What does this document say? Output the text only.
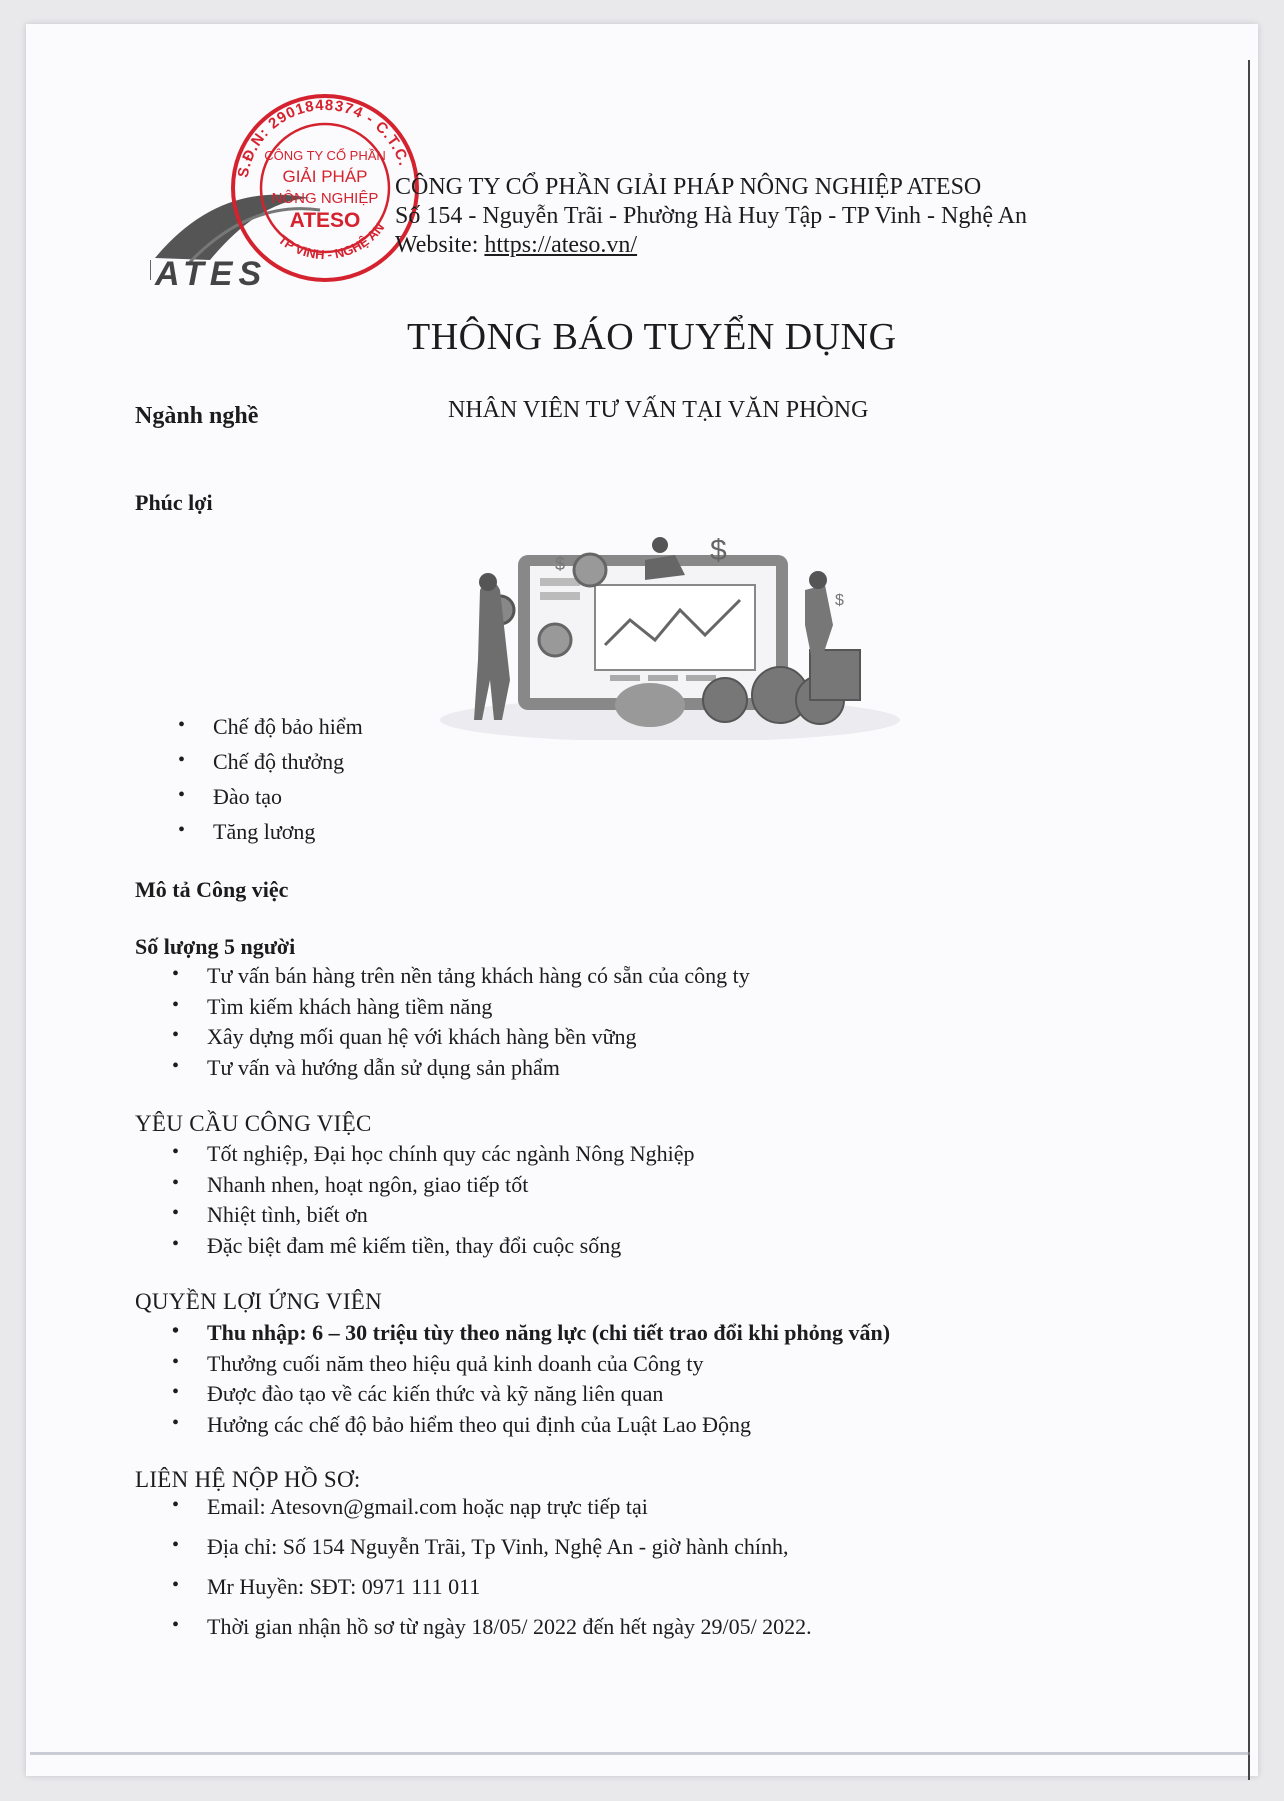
ATES
S.Đ.N: 2901848374 - C.T.C.
TP VINH - NGHỆ AN
CÔNG TY CỔ PHẦN
GIẢI PHÁP
NÔNG NGHIỆP
ATESO
CÔNG TY CỔ PHẦN GIẢI PHÁP NÔNG NGHIỆP ATESO
Số 154 - Nguyễn Trãi - Phường Hà Huy Tập - TP Vinh - Nghệ An
Website: https://ateso.vn/
THÔNG BÁO TUYỂN DỤNG
Ngành nghề	NHÂN VIÊN TƯ VẤN TẠI VĂN PHÒNG
Phúc lợi
$
$
$
• Chế độ bảo hiểm
• Chế độ thưởng
• Đào tạo
• Tăng lương
Mô tả Công việc
Số lượng 5 người
• Tư vấn bán hàng trên nền tảng khách hàng có sẵn của công ty
• Tìm kiếm khách hàng tiềm năng
• Xây dựng mối quan hệ với khách hàng bền vững
• Tư vấn và hướng dẫn sử dụng sản phẩm
YÊU CẦU CÔNG VIỆC
• Tốt nghiệp, Đại học chính quy các ngành Nông Nghiệp
• Nhanh nhen, hoạt ngôn, giao tiếp tốt
• Nhiệt tình, biết ơn
• Đặc biệt đam mê kiếm tiền, thay đổi cuộc sống
QUYỀN LỢI ỨNG VIÊN
• Thu nhập: 6 – 30 triệu tùy theo năng lực (chi tiết trao đổi khi phỏng vấn)
• Thưởng cuối năm theo hiệu quả kinh doanh của Công ty
• Được đào tạo về các kiến thức và kỹ năng liên quan
• Hưởng các chế độ bảo hiểm theo qui định của Luật Lao Động
LIÊN HỆ NỘP HỒ SƠ:
• Email: Atesovn@gmail.com hoặc nạp trực tiếp tại
• Địa chỉ: Số 154 Nguyễn Trãi, Tp Vinh, Nghệ An - giờ hành chính,
• Mr Huyền: SĐT: 0971 111 011
• Thời gian nhận hồ sơ từ ngày 18/05/ 2022 đến hết ngày 29/05/ 2022.
